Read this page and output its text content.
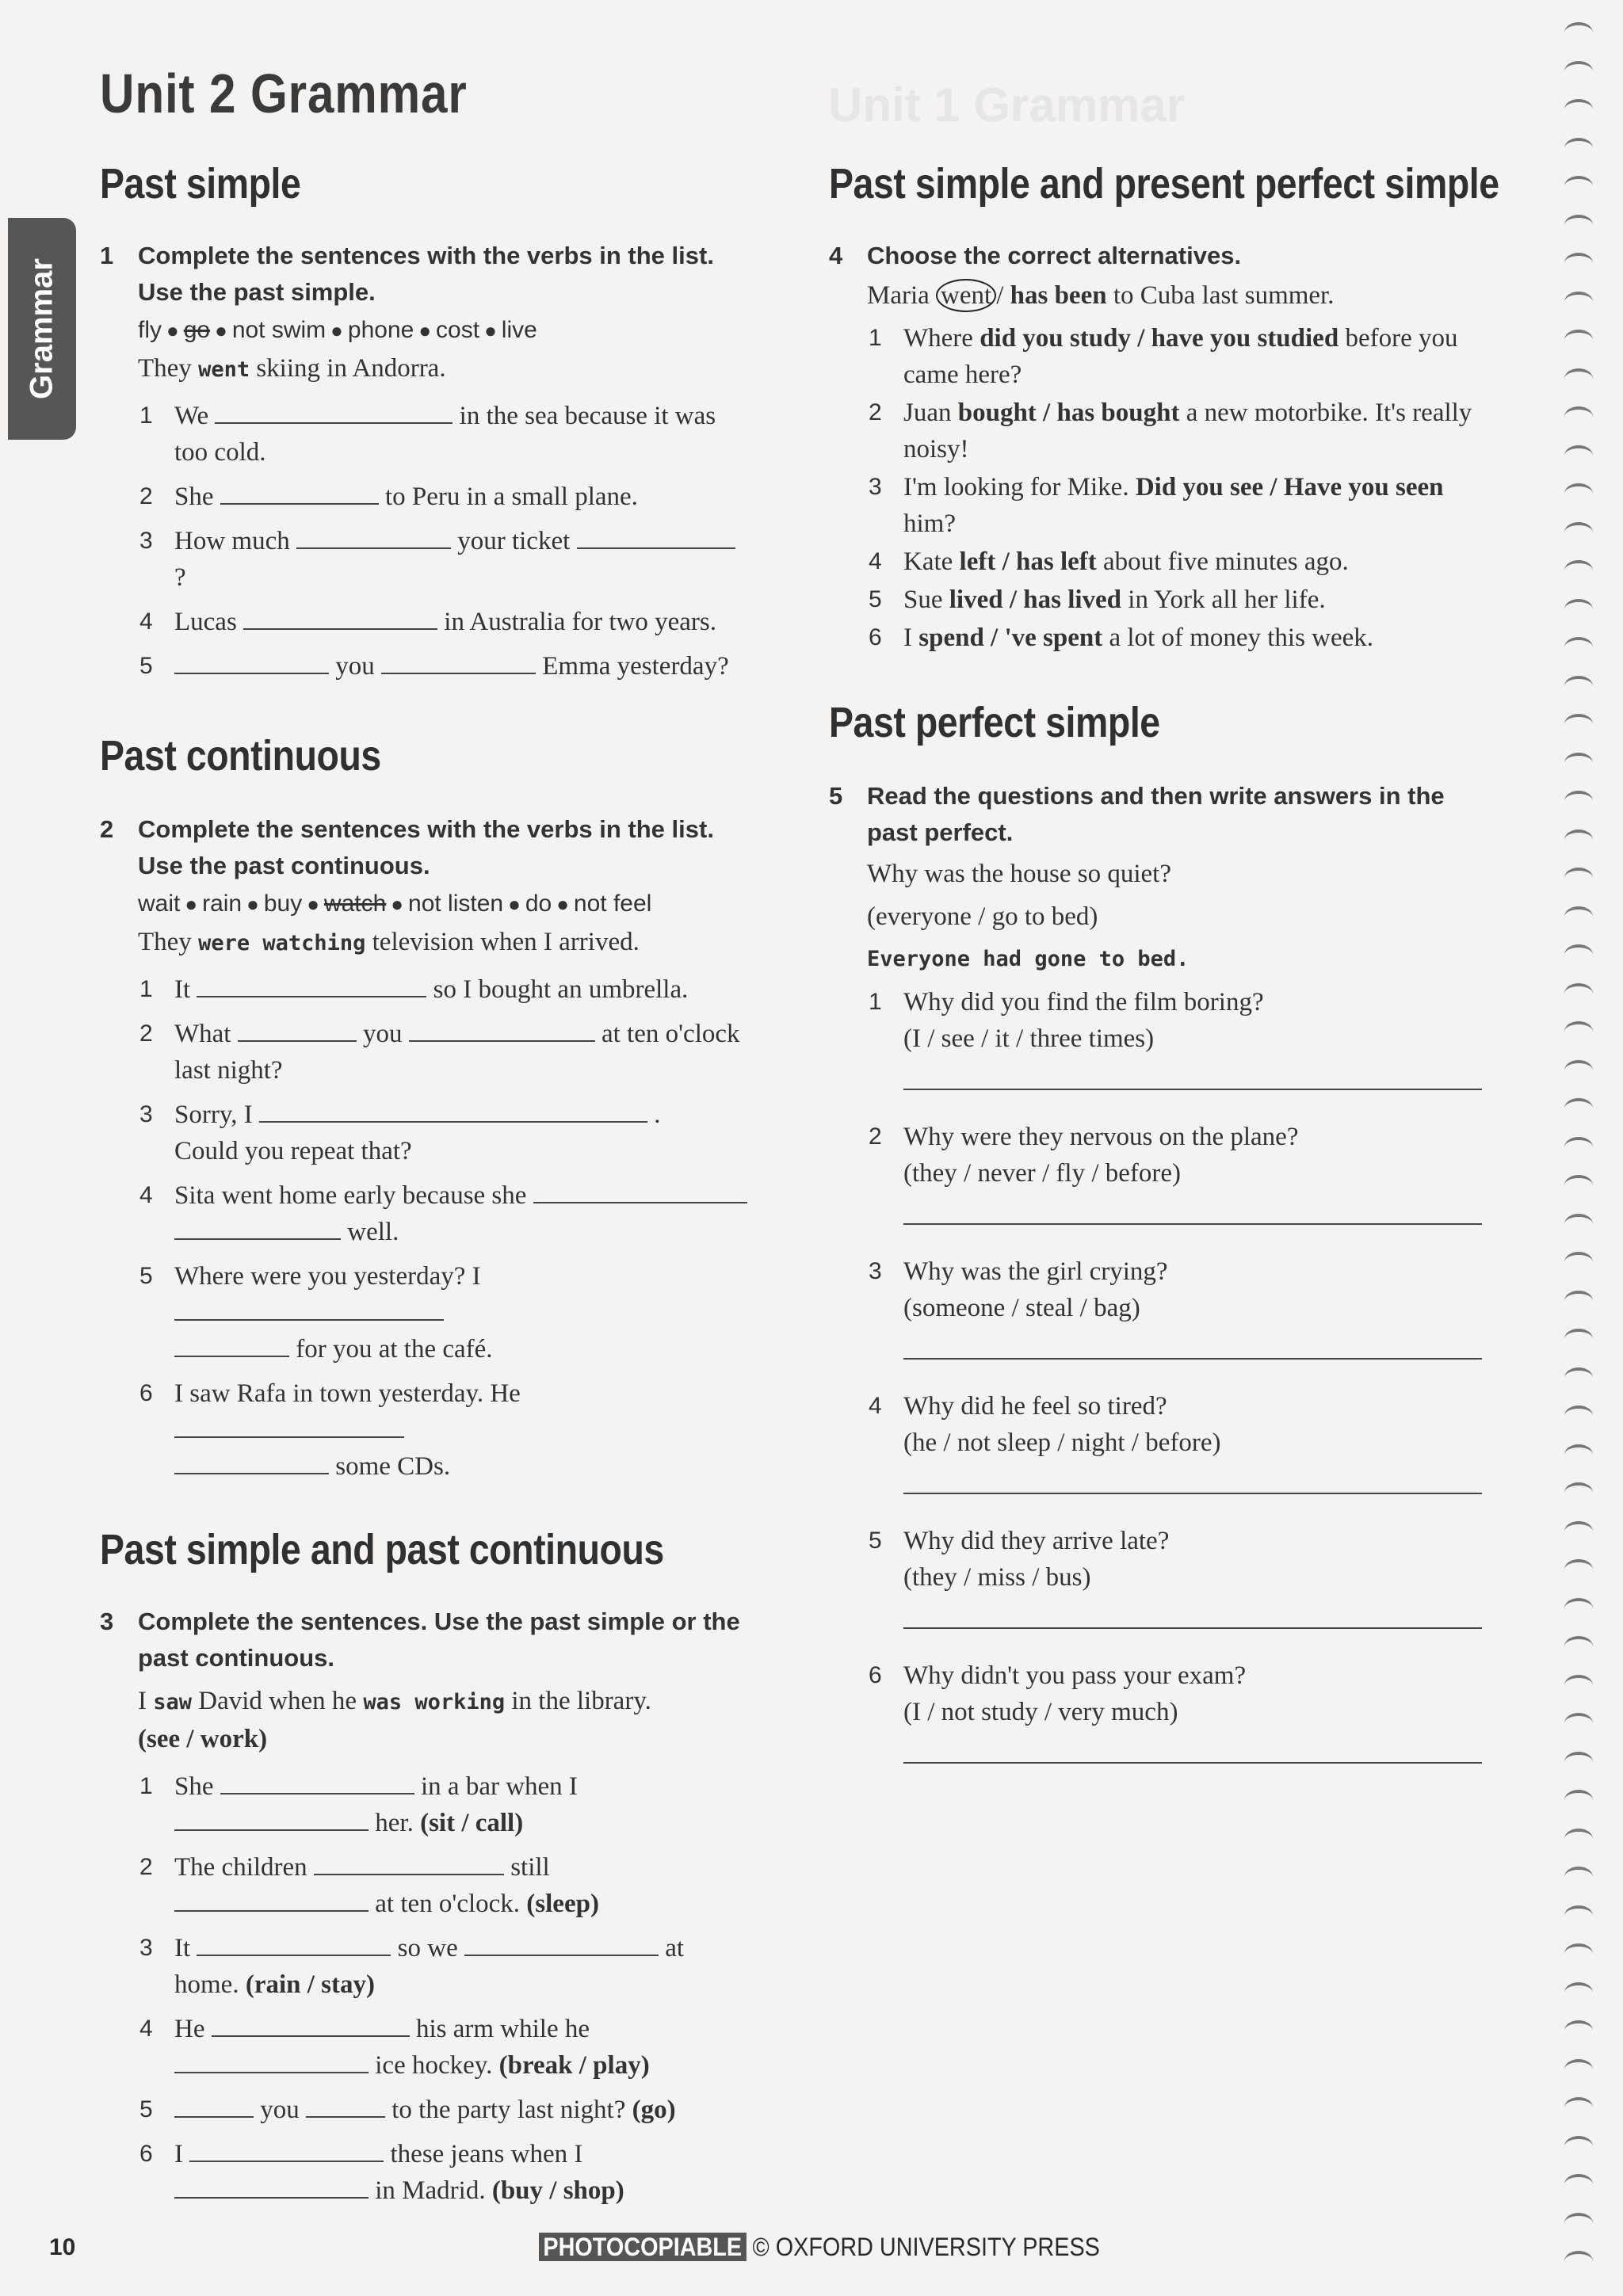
Unit 1 Grammar
Unit 2 Grammar
Grammar
Past simple

1 Complete the sentences with the verbs in the list. Use the past simple.

fly ● go ● not swim ● phone ● cost ● live
They went skiing in Andorra.
1 We	in the sea because it was too cold.
2 She	to Peru in a small plane.
3 How much	your ticket  ?
4 Lucas	in Australia for two years.
5	you	Emma yesterday?
Past continuous

2 Complete the sentences with the verbs in the list. Use the past continuous.

wait ● rain ● buy ● watch ● not listen ● do ● not feel
They were watching television when I arrived.
1 It	so I bought an umbrella.
2 What	you	at ten o'clock
last night?
3 Sorry, I	.
Could you repeat that?
4 Sita went home early because she
well.
5 Where were you yesterday? I
for you at the café.
6 I saw Rafa in town yesterday. He
some CDs.
Past simple and past continuous

3 Complete the sentences. Use the past simple or the past continuous.

I saw David when he was working in the library.
(see / work)
1 She	in a bar when I
her. (sit / call)
2 The children	still
at ten o'clock. (sleep)
3 It	so we	at
home. (rain / stay)
4 He	his arm while he
ice hockey. (break / play)
5	you	to the party last night? (go)
6 I	these jeans when I
in Madrid. (buy / shop)
Past simple and present perfect simple

4 Choose the correct alternatives.

Maria went / has been to Cuba last summer.
1 Where did you study / have you studied before you came here?
2 Juan bought / has bought a new motorbike. It's really noisy!
3 I'm looking for Mike. Did you see / Have you seen him?
4 Kate left / has left about five minutes ago.
5 Sue lived / has lived in York all her life.
6 I spend / 've spent a lot of money this week.
Past perfect simple

5 Read the questions and then write answers in the past perfect.

Why was the house so quiet?
(everyone / go to bed)
Everyone had gone to bed.
1 Why did you find the film boring?
(I / see / it / three times)
2 Why were they nervous on the plane?
(they / never / fly / before)
3 Why was the girl crying?
(someone / steal / bag)
4 Why did he feel so tired?
(he / not sleep / night / before)
5 Why did they arrive late?
(they / miss / bus)
6 Why didn't you pass your exam?
(I / not study / very much)
10	PHOTOCOPIABLE © OXFORD UNIVERSITY PRESS
